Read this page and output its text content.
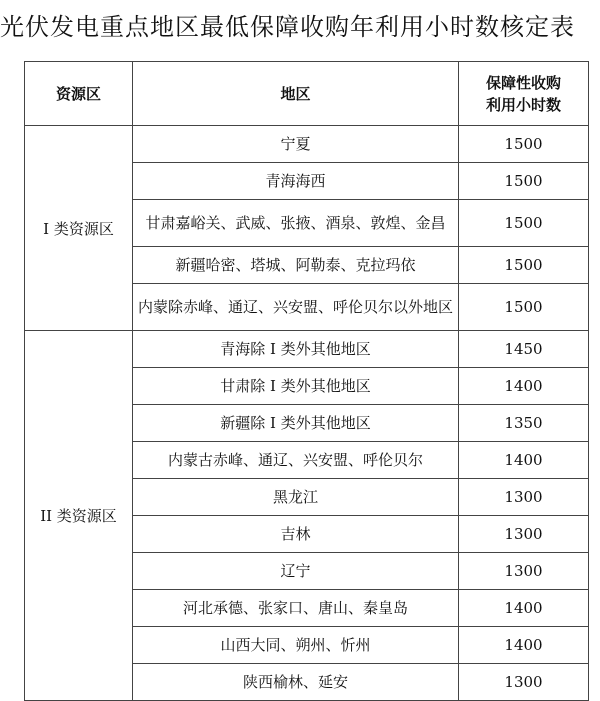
光伏发电重点地区最低保障收购年利用小时数核定表
资源区	地区	保障性收购
利用小时数

I 类资源区	宁夏	1500
	青海海西	1500
	甘肃嘉峪关、武威、张掖、酒泉、敦煌、金昌	1500
	新疆哈密、塔城、阿勒泰、克拉玛依	1500
	内蒙除赤峰、通辽、兴安盟、呼伦贝尔以外地区	1500
II 类资源区	青海除 I 类外其他地区	1450
	甘肃除 I 类外其他地区	1400
	新疆除 I 类外其他地区	1350
	内蒙古赤峰、通辽、兴安盟、呼伦贝尔	1400
	黑龙江	1300
	吉林	1300
	辽宁	1300
	河北承德、张家口、唐山、秦皇岛	1400
	山西大同、朔州、忻州	1400
	陕西榆林、延安	1300
